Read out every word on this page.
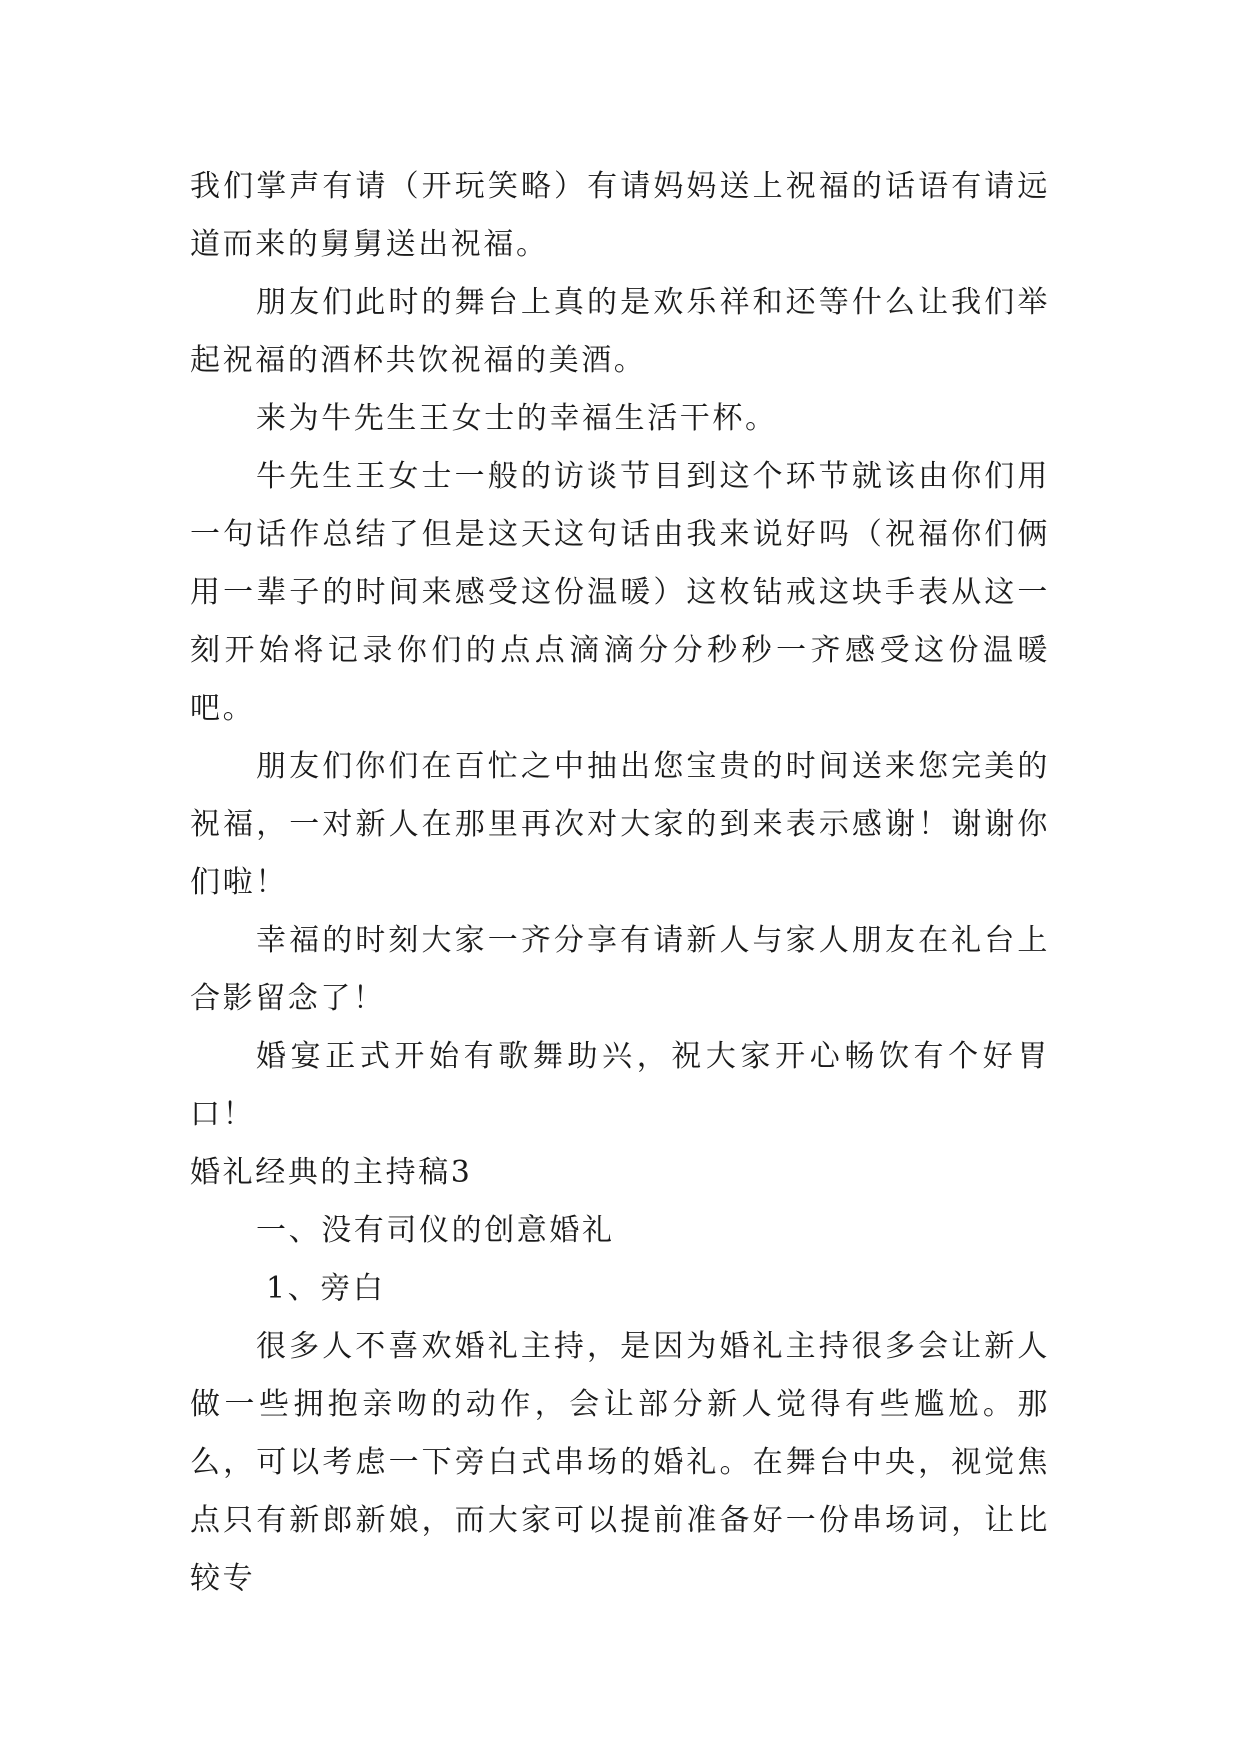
我们掌声有请（开玩笑略）有请妈妈送上祝福的话语有请远道而来的舅舅送出祝福。

朋友们此时的舞台上真的是欢乐祥和还等什么让我们举起祝福的酒杯共饮祝福的美酒。

来为牛先生王女士的幸福生活干杯。

牛先生王女士一般的访谈节目到这个环节就该由你们用一句话作总结了但是这天这句话由我来说好吗（祝福你们俩用一辈子的时间来感受这份温暖）这枚钻戒这块手表从这一刻开始将记录你们的点点滴滴分分秒秒一齐感受这份温暖吧。

朋友们你们在百忙之中抽出您宝贵的时间送来您完美的祝福，一对新人在那里再次对大家的到来表示感谢！谢谢你们啦！

幸福的时刻大家一齐分享有请新人与家人朋友在礼台上合影留念了！

婚宴正式开始有歌舞助兴，祝大家开心畅饮有个好胃口！

婚礼经典的主持稿3

一、没有司仪的创意婚礼

1、旁白

很多人不喜欢婚礼主持，是因为婚礼主持很多会让新人做一些拥抱亲吻的动作，会让部分新人觉得有些尴尬。那么，可以考虑一下旁白式串场的婚礼。在舞台中央，视觉焦点只有新郎新娘，而大家可以提前准备好一份串场词，让比较专
